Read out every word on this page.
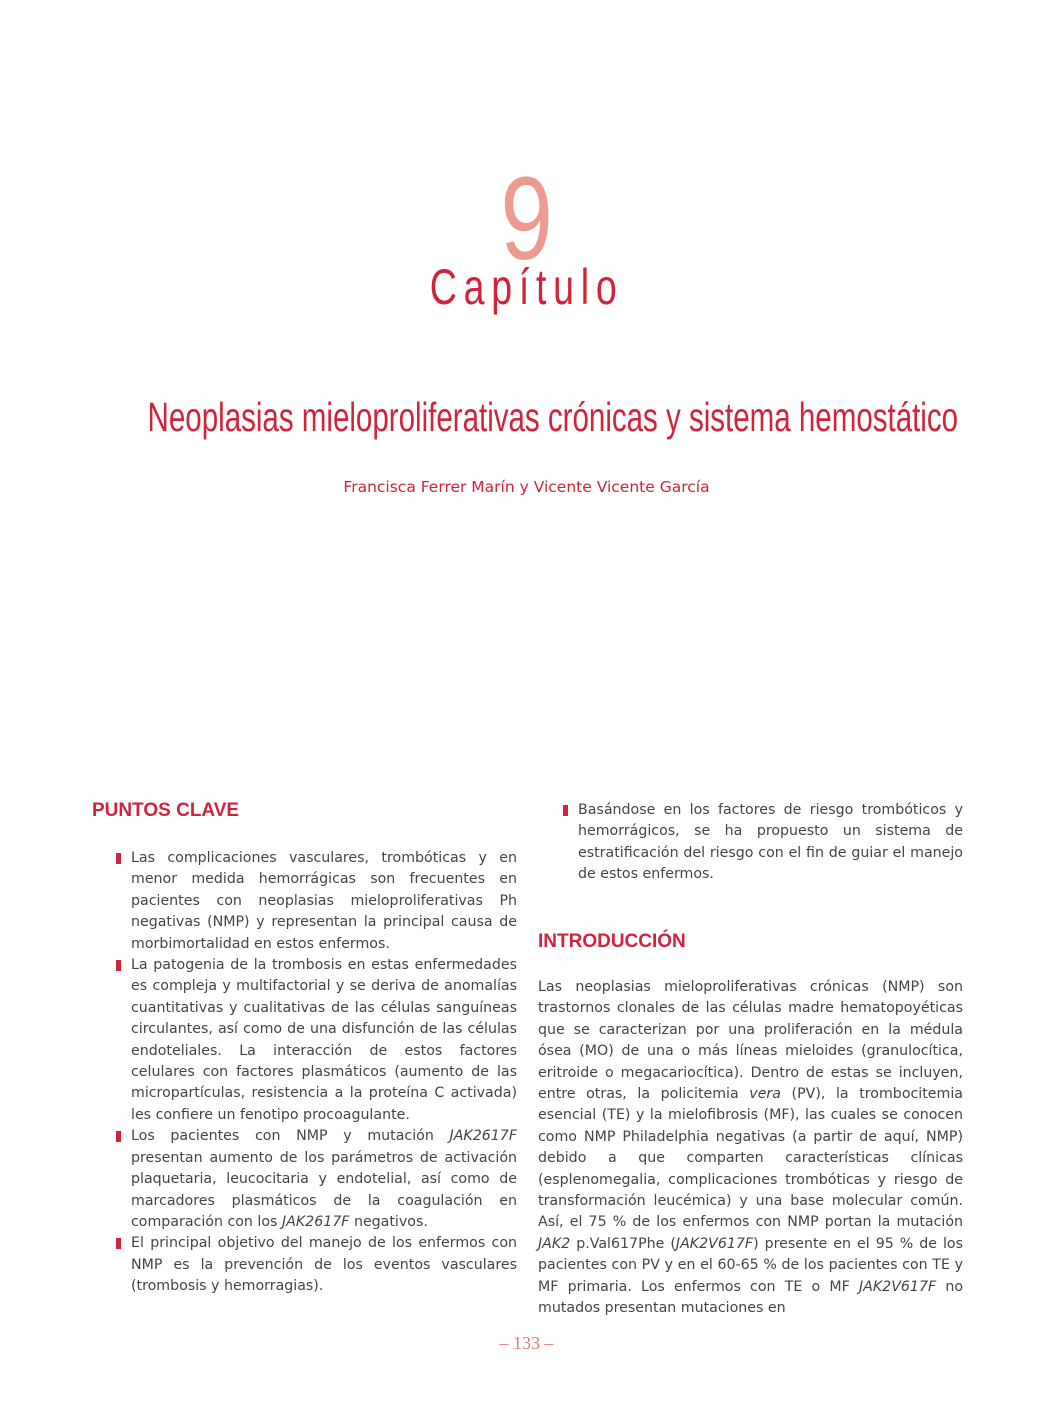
9
Capítulo
Neoplasias mieloproliferativas crónicas y sistema hemostático
Francisca Ferrer Marín y Vicente Vicente García
PUNTOS CLAVE
Las complicaciones vasculares, trombóticas y en menor medida hemorrágicas son frecuentes en pacientes con neoplasias mieloproliferativas Ph negativas (NMP) y representan la principal causa de morbimortalidad en estos enfermos.
La patogenia de la trombosis en estas enfermedades es compleja y multifactorial y se deriva de anomalías cuantitativas y cualitativas de las células sanguíneas circulantes, así como de una disfunción de las células endoteliales. La interacción de estos factores celulares con factores plasmáticos (aumento de las micropartículas, resistencia a la proteína C activada) les confiere un fenotipo procoagulante.
Los pacientes con NMP y mutación JAK2617F presentan aumento de los parámetros de activación plaquetaria, leucocitaria y endotelial, así como de marcadores plasmáticos de la coagulación en comparación con los JAK2617F negativos.
El principal objetivo del manejo de los enfermos con NMP es la prevención de los eventos vasculares (trombosis y hemorragias).
Basándose en los factores de riesgo trombóticos y hemorrágicos, se ha propuesto un sistema de estratificación del riesgo con el fin de guiar el manejo de estos enfermos.
INTRODUCCIÓN
Las neoplasias mieloproliferativas crónicas (NMP) son trastornos clonales de las células madre hematopoyéticas que se caracterizan por una proliferación en la médula ósea (MO) de una o más líneas mieloides (granulocítica, eritroide o megacariocítica). Dentro de estas se incluyen, entre otras, la policitemia vera (PV), la trombocitemia esencial (TE) y la mielofibrosis (MF), las cuales se conocen como NMP Philadelphia negativas (a partir de aquí, NMP) debido a que comparten características clínicas (esplenomegalia, complicaciones trombóticas y riesgo de transformación leucémica) y una base molecular común. Así, el 75 % de los enfermos con NMP portan la mutación JAK2 p.Val617Phe (JAK2V617F) presente en el 95 % de los pacientes con PV y en el 60-65 % de los pacientes con TE y MF primaria. Los enfermos con TE o MF JAK2V617F no mutados presentan mutaciones en
– 133 –
